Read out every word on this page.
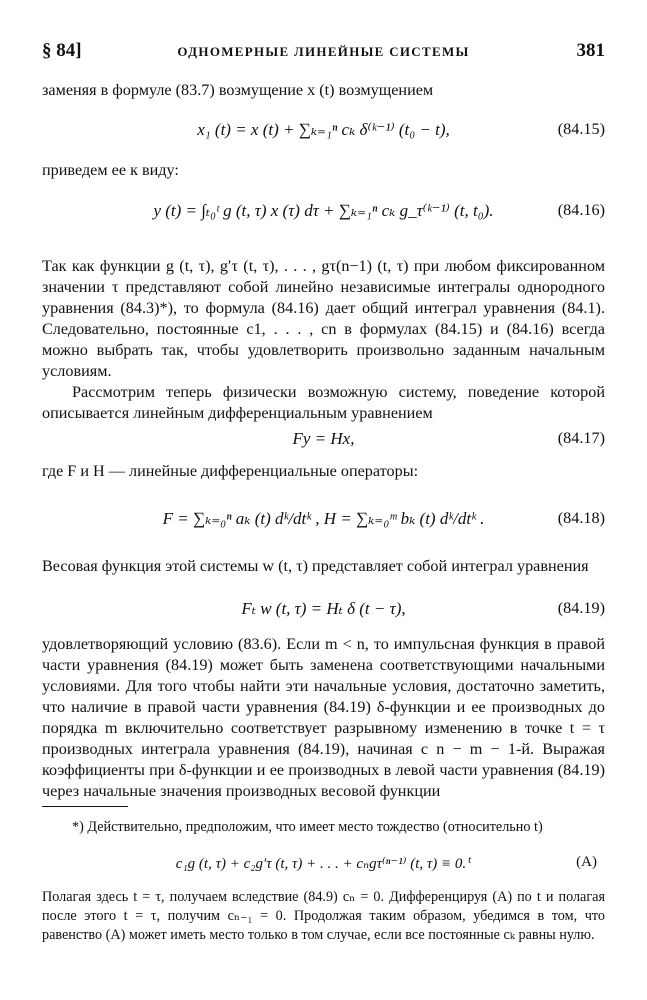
§ 84]	ОДНОМЕРНЫЕ ЛИНЕЙНЫЕ СИСТЕМЫ	381
заменяя в формуле (83.7) возмущение x (t) возмущением
x₁ (t) = x (t) + ∑ₖ₌₁ⁿ cₖ δ⁽ᵏ⁻¹⁾ (t₀ − t),	(84.15)
приведем ее к виду:
y (t) = ∫ₜ₀ᵗ g (t, τ) x (τ) dτ + ∑ₖ₌₁ⁿ cₖ g_τ⁽ᵏ⁻¹⁾ (t, t₀).	(84.16)
Так как функции g (t, τ), g′τ (t, τ), . . . , gτ(n−1) (t, τ) при любом фиксированном значении τ представляют собой линейно независимые интегралы однородного уравнения (84.3)*), то формула (84.16) дает общий интеграл уравнения (84.1). Следовательно, постоянные c1, . . . , cn в формулах (84.15) и (84.16) всегда можно выбрать так, чтобы удовлетворить произвольно заданным начальным условиям.
Рассмотрим теперь физически возможную систему, поведение которой описывается линейным дифференциальным уравнением
Fy = Hx,	(84.17)
где F и H — линейные дифференциальные операторы:
F = ∑ₖ₌₀ⁿ aₖ (t) dᵏ/dtᵏ , H = ∑ₖ₌₀ᵐ bₖ (t) dᵏ/dtᵏ .	(84.18)
Весовая функция этой системы w (t, τ) представляет собой интеграл уравнения
Fₜ w (t, τ) = Hₜ δ (t − τ),	(84.19)
удовлетворяющий условию (83.6). Если m < n, то импульсная функция в правой части уравнения (84.19) может быть заменена соответствующими начальными условиями. Для того чтобы найти эти начальные условия, достаточно заметить, что наличие в правой части уравнения (84.19) δ-функции и ее производных до порядка m включительно соответствует разрывному изменению в точке t = τ производных интеграла уравнения (84.19), начиная с n − m − 1-й. Выражая коэффициенты при δ-функции и ее производных в левой части уравнения (84.19) через начальные значения производных весовой функции
*) Действительно, предположим, что имеет место тождество (относительно t)
c₁g (t, τ) + c₂g′τ (t, τ) + . . . + cₙgτ⁽ⁿ⁻¹⁾ (t, τ) ≡ 0. $^t$	(A)
Полагая здесь t = τ, получаем вследствие (84.9) cₙ = 0. Дифференцируя (A) по t и полагая после этого t = τ, получим cₙ₋₁ = 0. Продолжая таким образом, убедимся в том, что равенство (A) может иметь место только в том случае, если все постоянные cₖ равны нулю.
